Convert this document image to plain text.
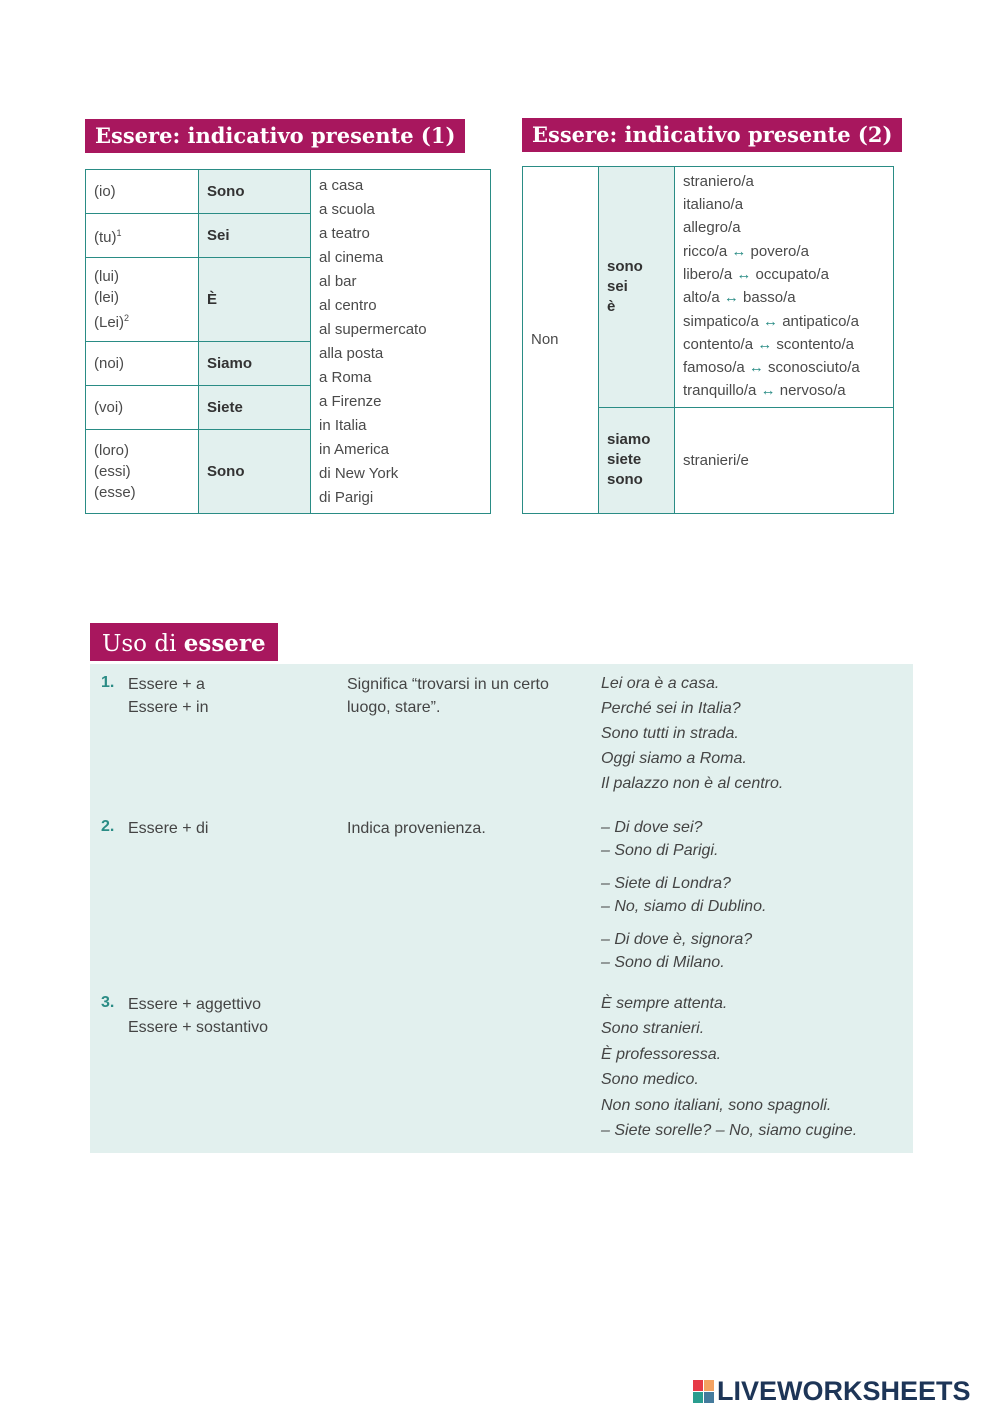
Essere: indicativo presente (1)
(io)
(tu)$^1$
(lui)
(lei)
(Lei)$^2$
(noi)
(voi)
(loro)
(essi)
(esse)
Sono
Sei
È
Siamo
Siete
Sono
a casa
a scuola
a teatro
al cinema
al bar
al centro
al supermercato
alla posta
a Roma
a Firenze
in Italia
in America
di New York
di Parigi
Essere: indicativo presente (2)
Non
sono
sei
è
siamo
siete
sono
straniero/a
italiano/a
allegro/a
ricco/a ↔ povero/a
libero/a ↔ occupato/a
alto/a ↔ basso/a
simpatico/a ↔ antipatico/a
contento/a ↔ scontento/a
famoso/a ↔ sconosciuto/a
tranquillo/a ↔ nervoso/a
stranieri/e
Uso di essere
1. Essere + a
Essere + in
Significa “trovarsi in un certo
luogo, stare”.
Lei ora è a casa.
Perché sei in Italia?
Sono tutti in strada.
Oggi siamo a Roma.
Il palazzo non è al centro.
2. Essere + di	Indica provenienza.	– Di dove sei?
– Sono di Parigi.
– Siete di Londra?
– No, siamo di Dublino.
– Di dove è, signora?
– Sono di Milano.
3. Essere + aggettivo
Essere + sostantivo
È sempre attenta.
Sono stranieri.
È professoressa.
Sono medico.
Non sono italiani, sono spagnoli.
– Siete sorelle? – No, siamo cugine.
LIVEWORKSHEETS
